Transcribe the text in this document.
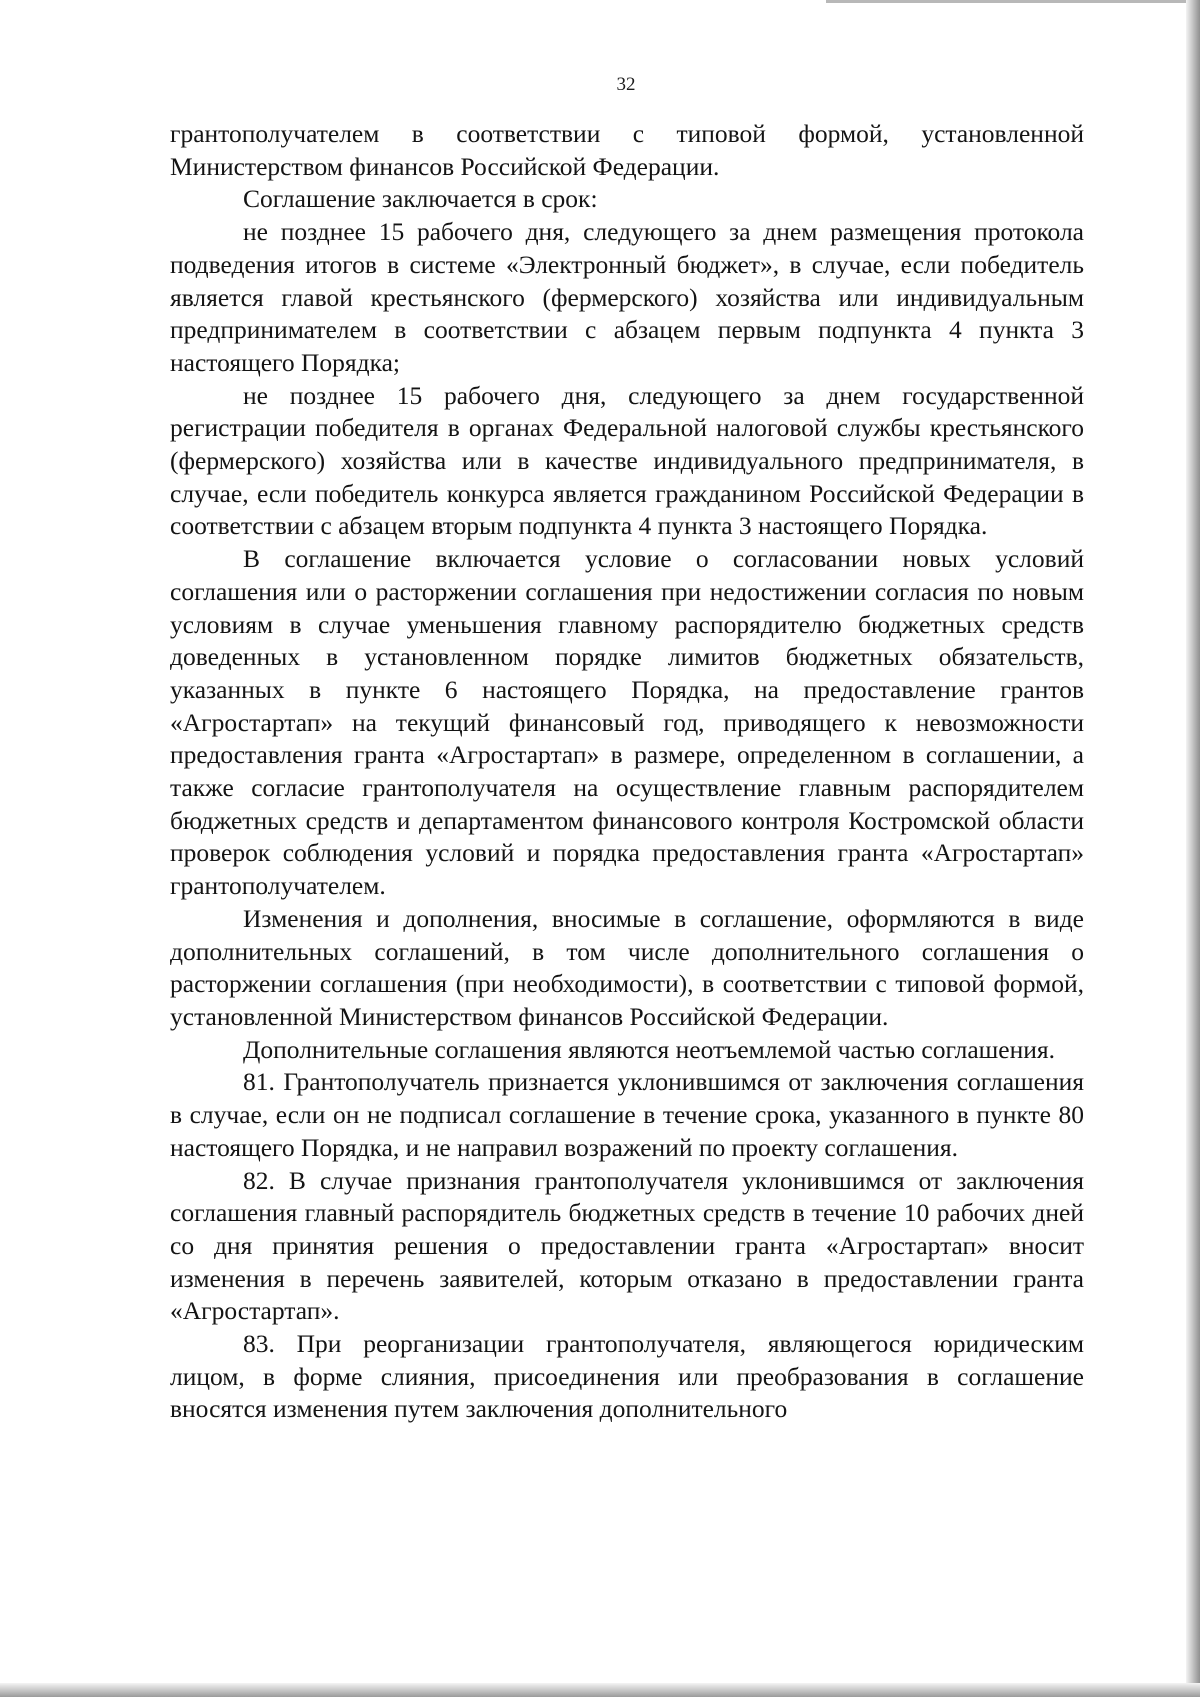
32

грантополучателем в соответствии с типовой формой, установленной Министерством финансов Российской Федерации.

Соглашение заключается в срок:

не позднее 15 рабочего дня, следующего за днем размещения протокола подведения итогов в системе «Электронный бюджет», в случае, если победитель является главой крестьянского (фермерского) хозяйства или индивидуальным предпринимателем в соответствии с абзацем первым подпункта 4 пункта 3 настоящего Порядка;

не позднее 15 рабочего дня, следующего за днем государственной регистрации победителя в органах Федеральной налоговой службы крестьянского (фермерского) хозяйства или в качестве индивидуального предпринимателя, в случае, если победитель конкурса является гражданином Российской Федерации в соответствии с абзацем вторым подпункта 4 пункта 3 настоящего Порядка.

В соглашение включается условие о согласовании новых условий соглашения или о расторжении соглашения при недостижении согласия по новым условиям в случае уменьшения главному распорядителю бюджетных средств доведенных в установленном порядке лимитов бюджетных обязательств, указанных в пункте 6 настоящего Порядка, на предоставление грантов «Агростартап» на текущий финансовый год, приводящего к невозможности предоставления гранта «Агростартап» в размере, определенном в соглашении, а также согласие грантополучателя на осуществление главным распорядителем бюджетных средств и департаментом финансового контроля Костромской области проверок соблюдения условий и порядка предоставления гранта «Агростартап» грантополучателем.

Изменения и дополнения, вносимые в соглашение, оформляются в виде дополнительных соглашений, в том числе дополнительного соглашения о расторжении соглашения (при необходимости), в соответствии с типовой формой, установленной Министерством финансов Российской Федерации.

Дополнительные соглашения являются неотъемлемой частью соглашения.

81. Грантополучатель признается уклонившимся от заключения соглашения в случае, если он не подписал соглашение в течение срока, указанного в пункте 80 настоящего Порядка, и не направил возражений по проекту соглашения.

82. В случае признания грантополучателя уклонившимся от заключения соглашения главный распорядитель бюджетных средств в течение 10 рабочих дней со дня принятия решения о предоставлении гранта «Агростартап» вносит изменения в перечень заявителей, которым отказано в предоставлении гранта «Агростартап».

83. При реорганизации грантополучателя, являющегося юридическим лицом, в форме слияния, присоединения или преобразования в соглашение вносятся изменения путем заключения дополнительного
